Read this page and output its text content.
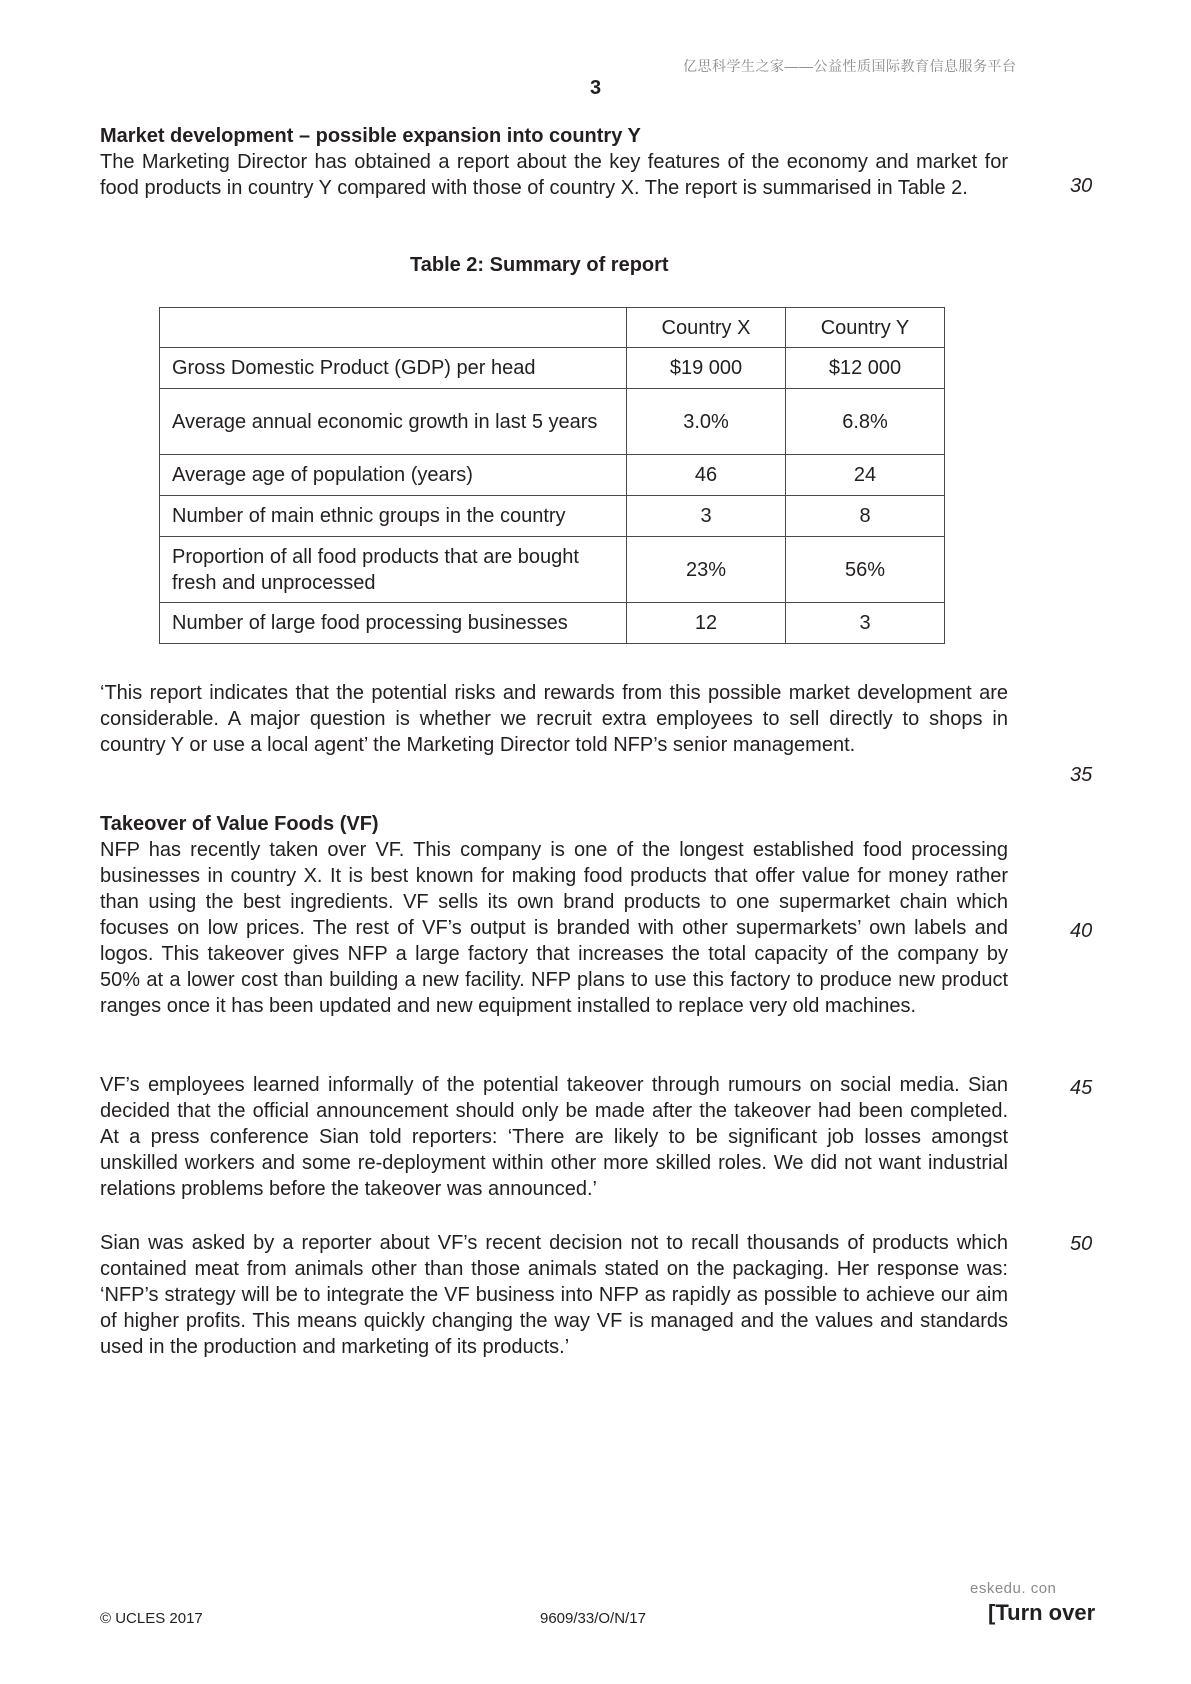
亿思科学生之家——公益性质国际教育信息服务平台
3
Market development – possible expansion into country Y

The Marketing Director has obtained a report about the key features of the economy and market for food products in country Y compared with those of country X. The report is summarised in Table 2.	30
Table 2: Summary of report
	Country X	Country Y
Gross Domestic Product (GDP) per head	$19 000	$12 000
Average annual economic growth in last 5 years	3.0%	6.8%
Average age of population (years)	46	24
Number of main ethnic groups in the country	3	8
Proportion of all food products that are bought fresh and unprocessed	23%	56%
Number of large food processing businesses	12	3

‘This report indicates that the potential risks and rewards from this possible market development are considerable. A major question is whether we recruit extra employees to sell directly to shops in country Y or use a local agent’ the Marketing Director told NFP’s senior management.

35
Takeover of Value Foods (VF)

NFP has recently taken over VF. This company is one of the longest established food processing businesses in country X. It is best known for making food products that offer value for money rather than using the best ingredients. VF sells its own brand products to one supermarket chain which focuses on low prices. The rest of VF’s output is branded with other supermarkets’ own labels and logos. This takeover gives NFP a large factory that increases the total capacity of the company by 50% at a lower cost than building a new facility. NFP plans to use this factory to produce new product ranges once it has been updated and new equipment installed to replace very old machines.

40

VF’s employees learned informally of the potential takeover through rumours on social media. Sian decided that the official announcement should only be made after the takeover had been completed. At a press conference Sian told reporters: ‘There are likely to be significant job losses amongst unskilled workers and some re-deployment within other more skilled roles. We did not want industrial relations problems before the takeover was announced.’

45

Sian was asked by a reporter about VF’s recent decision not to recall thousands of products which contained meat from animals other than those animals stated on the packaging. Her response was: ‘NFP’s strategy will be to integrate the VF business into NFP as rapidly as possible to achieve our aim of higher profits. This means quickly changing the way VF is managed and the values and standards used in the production and marketing of its products.’

50
© UCLES 2017	9609/33/O/N/17
eskedu. con
[Turn over
